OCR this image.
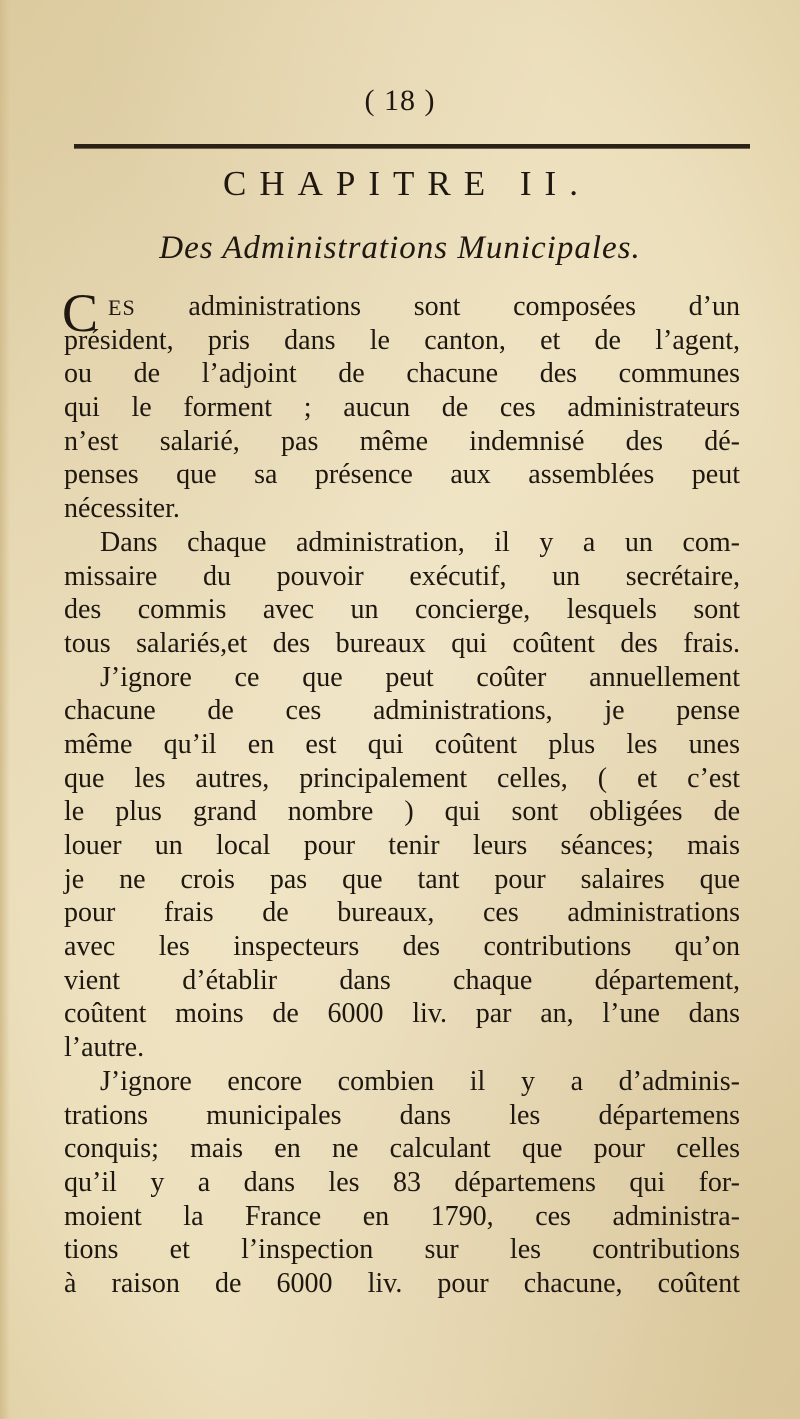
( 18 )
CHAPITRE II.
Des Administrations Municipales.
C ES administrations sont composées d’un
président, pris dans le canton, et de l’agent,
ou de l’adjoint de chacune des communes
qui le forment ; aucun de ces administrateurs
n’est salarié, pas même indemnisé des dé-
penses que sa présence aux assemblées peut
nécessiter.
Dans chaque administration, il y a un com-
missaire du pouvoir exécutif, un secrétaire,
des commis avec un concierge, lesquels sont
tous salariés,et des bureaux qui coûtent des frais.
J’ignore ce que peut coûter annuellement
chacune de ces administrations, je pense
même qu’il en est qui coûtent plus les unes
que les autres, principalement celles, ( et c’est
le plus grand nombre ) qui sont obligées de
louer un local pour tenir leurs séances; mais
je ne crois pas que tant pour salaires que
pour frais de bureaux, ces administrations
avec les inspecteurs des contributions qu’on
vient d’établir dans chaque département,
coûtent moins de 6000 liv. par an, l’une dans
l’autre.
J’ignore encore combien il y a d’adminis-
trations municipales dans les départemens
conquis; mais en ne calculant que pour celles
qu’il y a dans les 83 départemens qui for-
moient la France en 1790, ces administra-
tions et l’inspection sur les contributions
à raison de 6000 liv. pour chacune, coûtent
